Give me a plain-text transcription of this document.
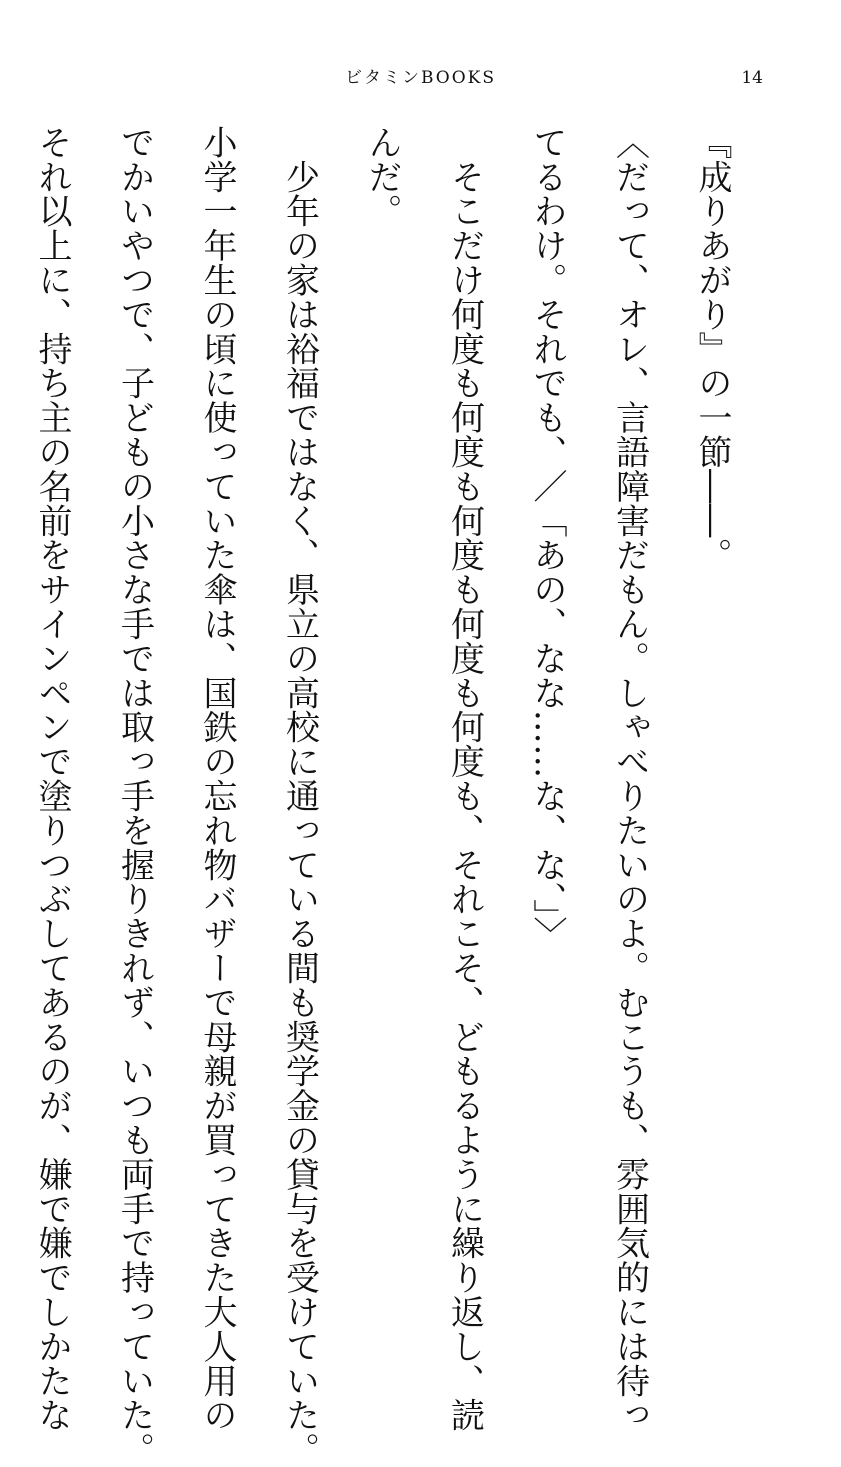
ビタミンBOOKS	14
『成りあがり』の一節――。
〈だって、オレ、言語障害だもん。しゃべりたいのよ。むこうも、雰囲気的には待っ
てるわけ。それでも、／「あの、なな……な、な、」〉
　そこだけ何度も何度も何度も何度も何度も、それこそ、どもるように繰り返し、読
んだ。
　少年の家は裕福ではなく、県立の高校に通っている間も奨学金の貸与を受けていた。
小学一年生の頃に使っていた傘は、国鉄の忘れ物バザーで母親が買ってきた大人用の
でかいやつで、子どもの小さな手では取っ手を握りきれず、いつも両手で持っていた。
それ以上に、持ち主の名前をサインペンで塗りつぶしてあるのが、嫌で嫌でしかたな
